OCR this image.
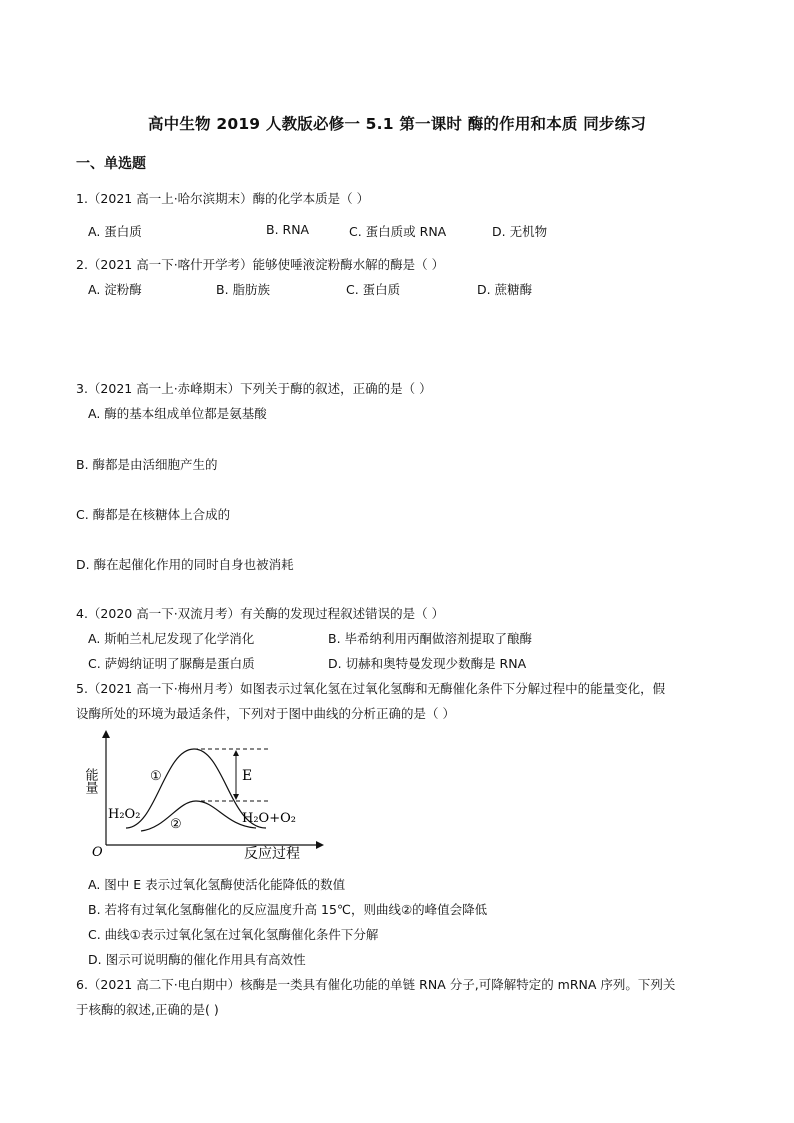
高中生物 2019 人教版必修一 5.1 第一课时 酶的作用和本质 同步练习
一、单选题
1.（2021 高一上·哈尔滨期末）酶的化学本质是（ ）
A. 蛋白质	B. RNA	C. 蛋白质或 RNA	D. 无机物
2.（2021 高一下·喀什开学考）能够使唾液淀粉酶水解的酶是（ ）
A. 淀粉酶	B. 脂肪族	C. 蛋白质	D. 蔗糖酶
3.（2021 高一上·赤峰期末）下列关于酶的叙述，正确的是（ ）
A. 酶的基本组成单位都是氨基酸
B. 酶都是由活细胞产生的
C. 酶都是在核糖体上合成的
D. 酶在起催化作用的同时自身也被消耗
4.（2020 高一下·双流月考）有关酶的发现过程叙述错误的是（ ）
A. 斯帕兰札尼发现了化学消化	B. 毕希纳利用丙酮做溶剂提取了酿酶
C. 萨姆纳证明了脲酶是蛋白质	D. 切赫和奥特曼发现少数酶是 RNA
5.（2021 高一下·梅州月考）如图表示过氧化氢在过氧化氢酶和无酶催化条件下分解过程中的能量变化，假
设酶所处的环境为最适条件，下列对于图中曲线的分析正确的是（ ）
能量
反应过程
O
①
②
E
H₂O₂	H₂O+O₂
A. 图中 E 表示过氧化氢酶使活化能降低的数值
B. 若将有过氧化氢酶催化的反应温度升高 15℃，则曲线②的峰值会降低
C. 曲线①表示过氧化氢在过氧化氢酶催化条件下分解
D. 图示可说明酶的催化作用具有高效性
6.（2021 高二下·电白期中）核酶是一类具有催化功能的单链 RNA 分子,可降解特定的 mRNA 序列。下列关
于核酶的叙述,正确的是( )
